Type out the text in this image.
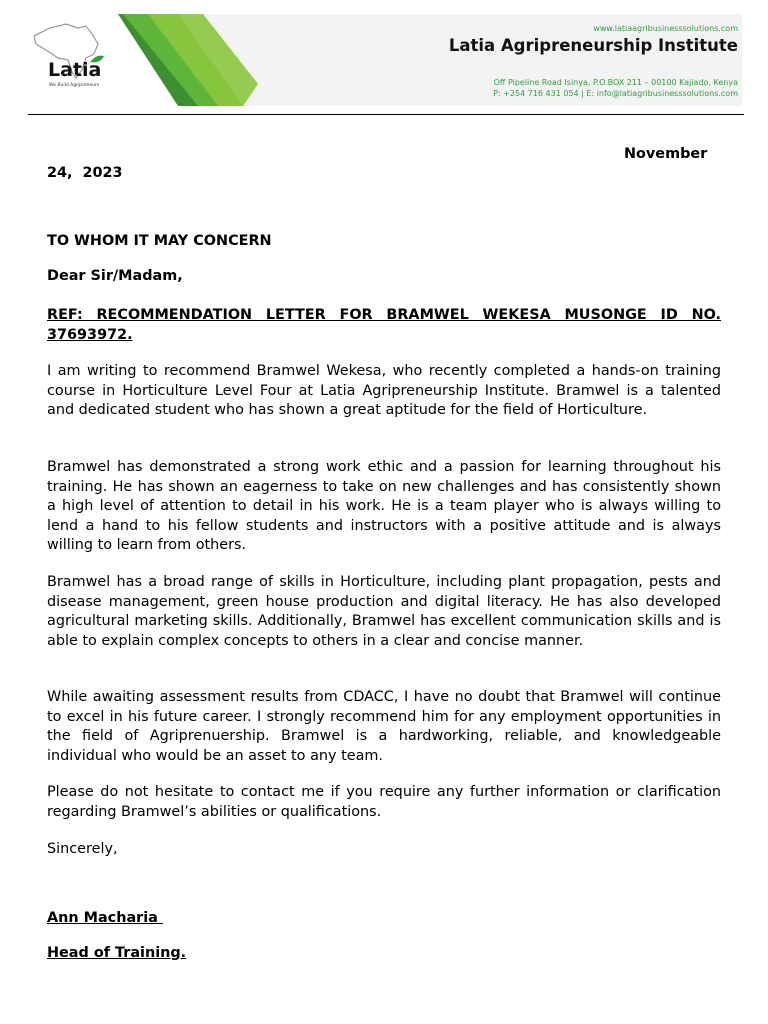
Latia
We Build Agripreneurs
www.latiaagribusinesssolutions.com
Latia Agripreneurship Institute
Off Pipeline Road Isinya, P.O.BOX 211 – 00100 Kajiado, Kenya
P: +254 716 431 054 | E: info@latiagribusinesssolutions.com
November
24,  2023
TO WHOM IT MAY CONCERN
Dear Sir/Madam,
REF: RECOMMENDATION LETTER FOR BRAMWEL WEKESA MUSONGE ID NO. 37693972.
I am writing to recommend Bramwel Wekesa, who recently completed a hands-on training course in Horticulture Level Four at Latia Agripreneurship Institute. Bramwel is a talented and dedicated student who has shown a great aptitude for the field of Horticulture.
Bramwel has demonstrated a strong work ethic and a passion for learning throughout his training. He has shown an eagerness to take on new challenges and has consistently shown a high level of attention to detail in his work. He is a team player who is always willing to lend a hand to his fellow students and instructors with a positive attitude and is always willing to learn from others.
Bramwel has a broad range of skills in Horticulture, including plant propagation, pests and disease management, green house production and digital literacy. He has also developed agricultural marketing skills. Additionally, Bramwel has excellent communication skills and is able to explain complex concepts to others in a clear and concise manner.
While awaiting assessment results from CDACC, I have no doubt that Bramwel will continue to excel in his future career. I strongly recommend him for any employment opportunities in the field of Agriprenuership. Bramwel is a hardworking, reliable, and knowledgeable individual who would be an asset to any team.
Please do not hesitate to contact me if you require any further information or clarification regarding Bramwel’s abilities or qualifications.
Sincerely,
Ann Macharia
Head of Training.
